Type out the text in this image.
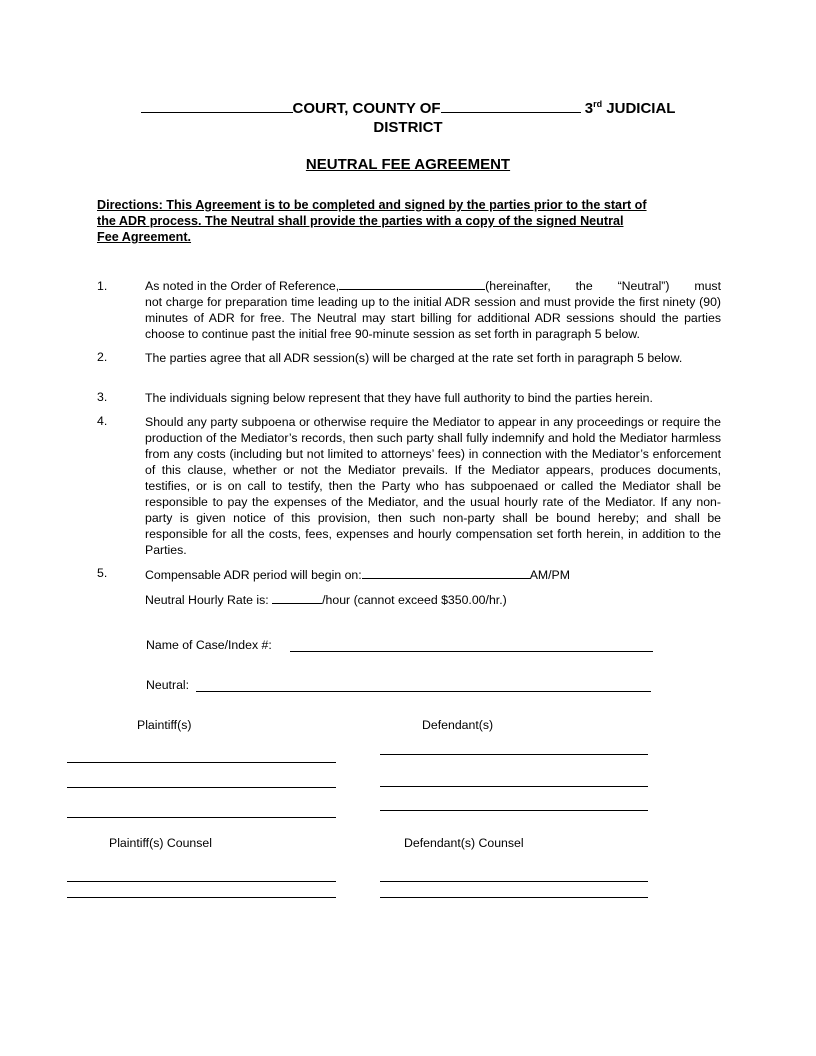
COURT, COUNTY OF	3rd JUDICIAL
DISTRICT
NEUTRAL FEE AGREEMENT
Directions: This Agreement is to be completed and signed by the parties prior to the start of
the ADR process. The Neutral shall provide the parties with a copy of the signed Neutral
Fee Agreement.
1.	As noted in the Order of Reference,	(hereinafter, the “Neutral”) must
not charge for preparation time leading up to the initial ADR session and must provide the first ninety (90) minutes of ADR for free. The Neutral may start billing for additional ADR sessions should the parties choose to continue past the initial free 90-minute session as set forth in paragraph 5 below.
2.	The parties agree that all ADR session(s) will be charged at the rate set forth in paragraph 5 below.
3.	The individuals signing below represent that they have full authority to bind the parties herein.
4.	Should any party subpoena or otherwise require the Mediator to appear in any proceedings or require the production of the Mediator’s records, then such party shall fully indemnify and hold the Mediator harmless from any costs (including but not limited to attorneys’ fees) in connection with the Mediator’s enforcement of this clause, whether or not the Mediator prevails. If the Mediator appears, produces documents, testifies, or is on call to testify, then the Party who has subpoenaed or called the Mediator shall be responsible to pay the expenses of the Mediator, and the usual hourly rate of the Mediator. If any non-party is given notice of this provision, then such non-party shall be bound hereby; and shall be responsible for all the costs, fees, expenses and hourly compensation set forth herein, in addition to the Parties.
5.	Compensable ADR period will begin on:	AM/PM
Neutral Hourly Rate is:	/hour (cannot exceed $350.00/hr.)
Name of Case/Index #:
Neutral:
Plaintiff(s)	Defendant(s)
Plaintiff(s) Counsel	Defendant(s) Counsel
